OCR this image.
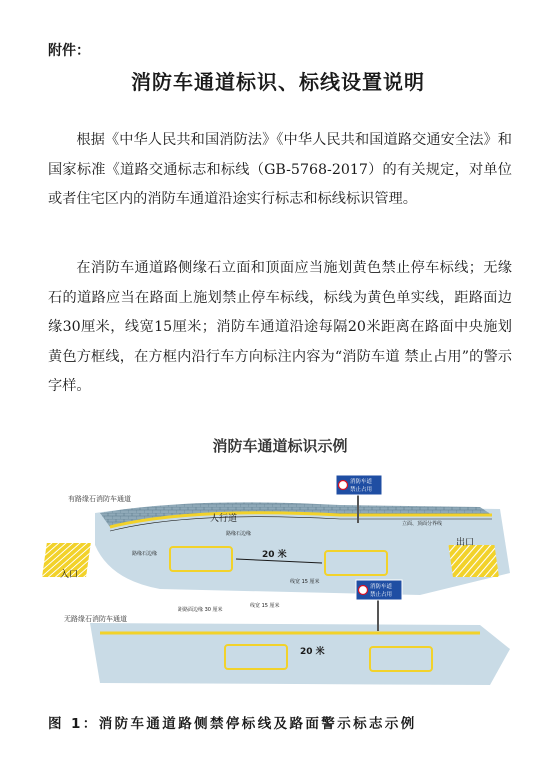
附件：
消防车通道标识、标线设置说明

根据《中华人民共和国消防法》《中华人民共和国道路交通安全法》和国家标准《道路交通标志和标线（GB-5768-2017）的有关规定，对单位或者住宅区内的消防车通道沿途实行标志和标线标识管理。

在消防车通道路侧缘石立面和顶面应当施划黄色禁止停车标线；无缘石的道路应当在路面上施划禁止停车标线，标线为黄色单实线，距路面边缘30厘米，线宽15厘米；消防车通道沿途每隔20米距离在路面中央施划黄色方框线，在方框内沿行车方向标注内容为“消防车道 禁止占用”的警示字样。

消防车通道标识示例
消防车道
禁止占用
消防车道
禁止占用
有路缘石消防车通道
人行道
路缘石边缘
立面、顶面分界线
路缘石边缘	20 米
线宽 15 厘米
入口
出口
无路缘石消防车通道
距路面边缘 30 厘米
线宽 15 厘米
20 米
图 1：消防车通道路侧禁停标线及路面警示标志示例
